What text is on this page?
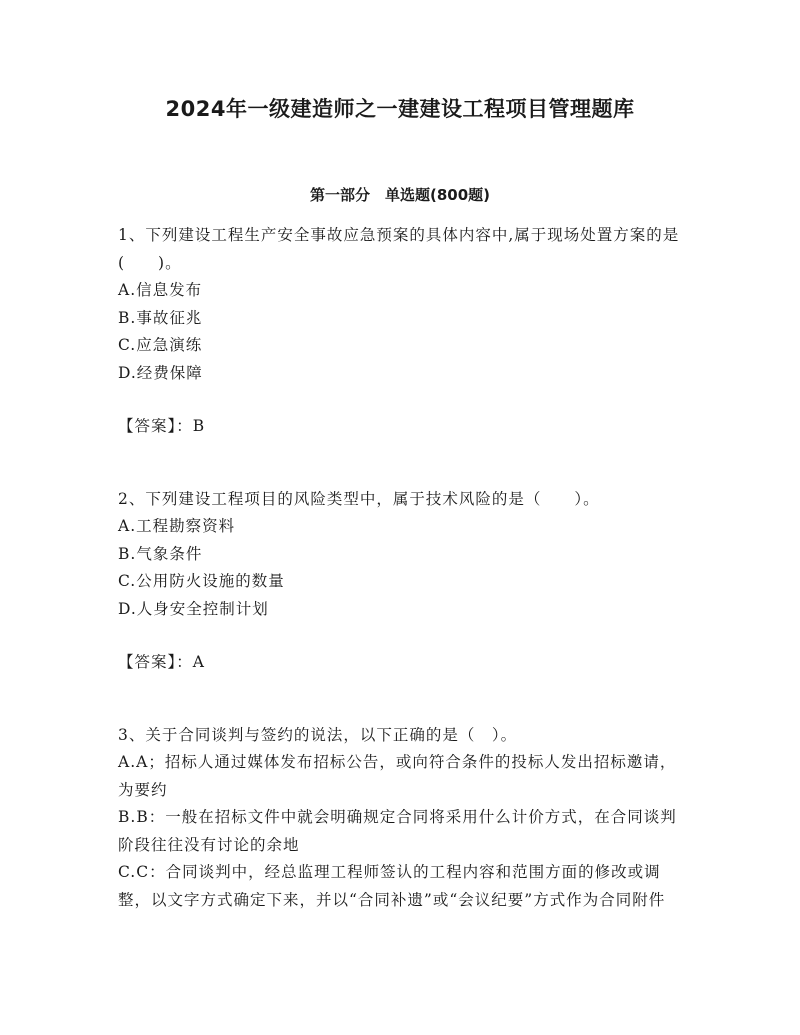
2024年一级建造师之一建建设工程项目管理题库
第一部分　单选题(800题)

1、下列建设工程生产安全事故应急预案的具体内容中,属于现场处置方案的是(　　)。

A.信息发布

B.事故征兆

C.应急演练

D.经费保障

【答案】：B

2、下列建设工程项目的风险类型中，属于技术风险的是（　　）。

A.工程勘察资料

B.气象条件

C.公用防火设施的数量

D.人身安全控制计划

【答案】：A

3、关于合同谈判与签约的说法，以下正确的是（　）。

A.A；招标人通过媒体发布招标公告，或向符合条件的投标人发出招标邀请，为要约

B.B：一般在招标文件中就会明确规定合同将采用什么计价方式，在合同谈判阶段往往没有讨论的余地

C.C：合同谈判中，经总监理工程师签认的工程内容和范围方面的修改或调整，以文字方式确定下来，并以“合同补遗”或“会议纪要”方式作为合同附件
